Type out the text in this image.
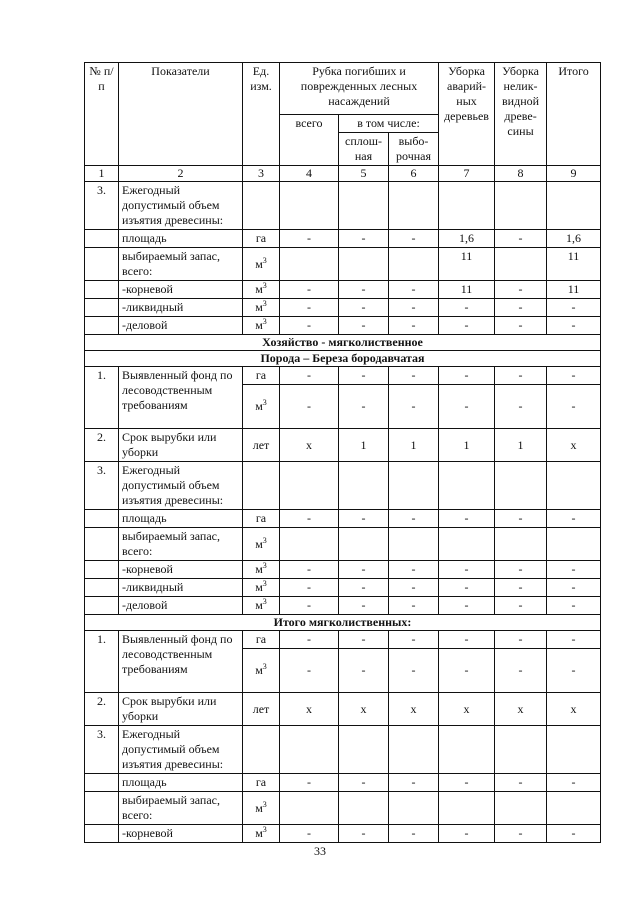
№ п/п	Показатели	Ед. изм.	Рубка погибших и поврежденных лесных насаждений			Уборка аварий-ных деревьев	Уборка нелик-видной древе-сины	Итого
			всего	в том числе:				
				сплош-ная	выбо-рочная			
1	2	3	4	5	6	7	8	9
3.	Ежегодный допустимый объем изъятия древесины:							
	площадь	га	-	-	-	1,6	-	1,6
	выбираемый запас, всего:	$м^3$				11		11
	-корневой	$м^3$	-	-	-	11	-	11
	-ликвидный	$м^3$	-	-	-	-	-	-
	-деловой	$м^3$	-	-	-	-	-	-
Хозяйство - мягколиственное								
Порода – Береза бородавчатая								
1.	Выявленный фонд по лесоводственным требованиям	га	-	-	-	-	-	-
		$м^3$	-	-	-	-	-	-
2.	Срок вырубки или уборки	лет	x	1	1	1	1	x
3.	Ежегодный допустимый объем изъятия древесины:							
	площадь	га	-	-	-	-	-	-
	выбираемый запас, всего:	$м^3$						
	-корневой	$м^3$	-	-	-	-	-	-
	-ликвидный	$м^3$	-	-	-	-	-	-
	-деловой	$м^3$	-	-	-	-	-	-
Итого мягколиственных:								
1.	Выявленный фонд по лесоводственным требованиям	га	-	-	-	-	-	-
		$м^3$	-	-	-	-	-	-
2.	Срок вырубки или уборки	лет	x	x	x	x	x	x
3.	Ежегодный допустимый объем изъятия древесины:							
	площадь	га	-	-	-	-	-	-
	выбираемый запас, всего:	$м^3$						
	-корневой	$м^3$	-	-	-	-	-	-
33
